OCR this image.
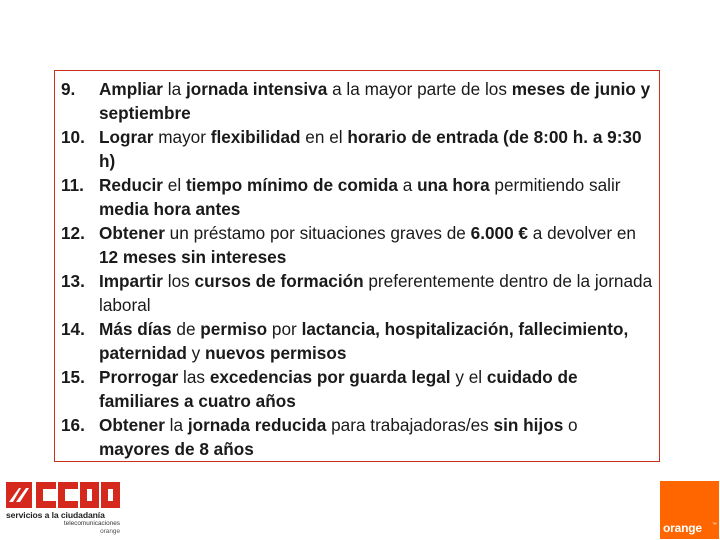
9. Ampliar la jornada intensiva a la mayor parte de los meses de junio y septiembre
10. Lograr mayor flexibilidad en el horario de entrada (de 8:00 h. a 9:30 h)
11. Reducir el tiempo mínimo de comida a una hora permitiendo salir media hora antes
12. Obtener un préstamo por situaciones graves de 6.000 € a devolver en 12 meses sin intereses
13. Impartir los cursos de formación preferentemente dentro de la jornada laboral
14. Más días de permiso por lactancia, hospitalización, fallecimiento, paternidad y nuevos permisos
15. Prorrogar las excedencias por guarda legal y el cuidado de familiares a cuatro años
16. Obtener la jornada reducida para trabajadoras/es sin hijos o mayores de 8 años
servicios a la ciudadanía
telecomunicaciones
orange	orange ™
